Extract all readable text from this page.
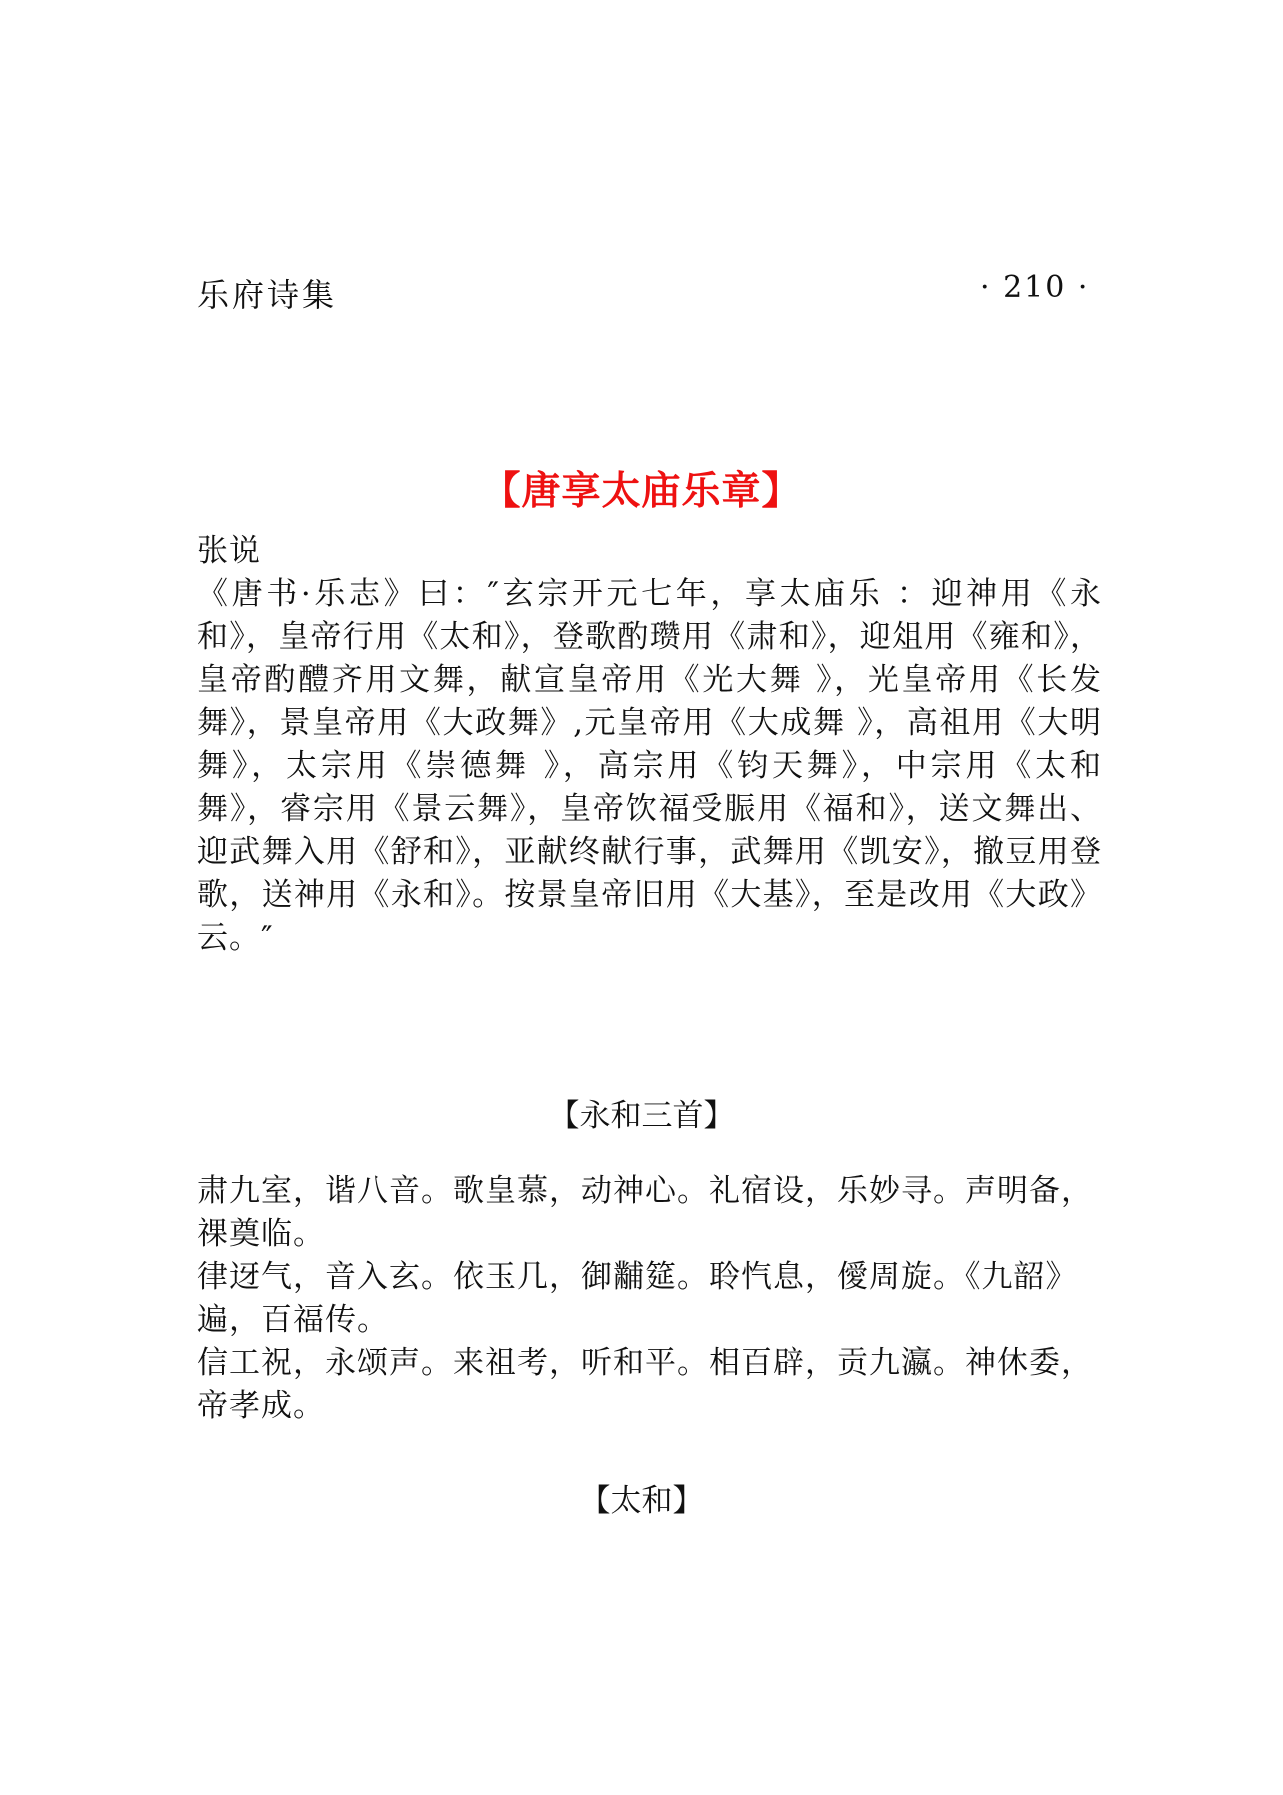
乐府诗集	· 210 ·
【唐享太庙乐章】
张说
《唐书·乐志》曰：″玄宗开元七年，享太庙乐 ：迎神用《永和》，皇帝行用《太和》，登歌酌瓒用《肃和》，迎俎用《雍和》，皇帝酌醴齐用文舞，献宣皇帝用《光大舞 》，光皇帝用《长发舞》，景皇帝用《大政舞》,元皇帝用《大成舞 》，高祖用《大明舞》，太宗用《崇德舞 》，高宗用《钧天舞》，中宗用《太和舞》，睿宗用《景云舞》，皇帝饮福受脤用《福和》，送文舞出、迎武舞入用《舒和》，亚献终献行事，武舞用《凯安》，撤豆用登歌，送神用《永和》。按景皇帝旧用《大基》，至是改用《大政》云。″
【永和三首】

肃九室，谐八音。歌皇慕，动神心。礼宿设，乐妙寻。声明备，祼奠临。

律迓气，音入玄。依玉几，御黼筵。聆忾息，僾周旋。《九韶》遍，百福传。

信工祝，永颂声。来祖考，听和平。相百辟，贡九瀛。神休委，帝孝成。

【太和】
